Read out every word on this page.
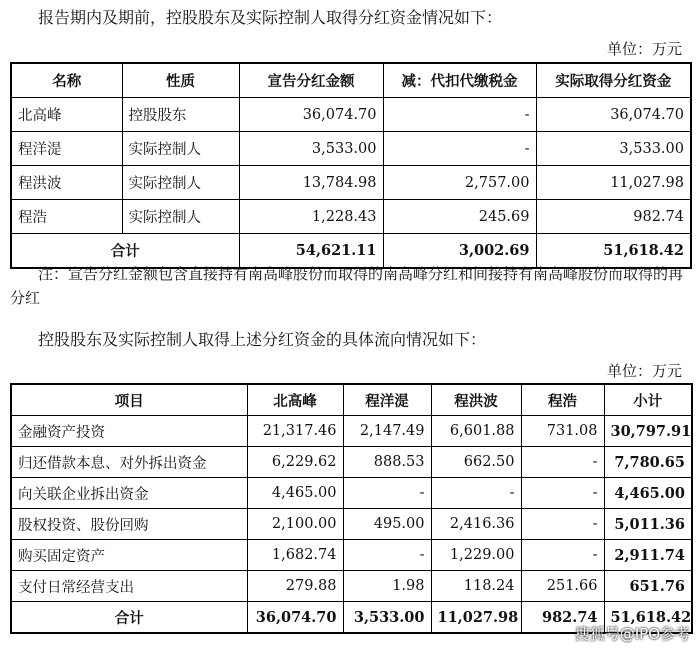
报告期内及期前，控股股东及实际控制人取得分红资金情况如下：
单位：万元
名称	性质	宣告分红金额	减：代扣代缴税金	实际取得分红资金
北高峰	控股股东	36,074.70	-	36,074.70
程洋湜	实际控制人	3,533.00	-	3,533.00
程洪波	实际控制人	13,784.98	2,757.00	11,027.98
程浩	实际控制人	1,228.43	245.69	982.74
合计		54,621.11	3,002.69	51,618.42
注：宣告分红金额包含直接持有南高峰股份而取得的南高峰分红和间接持有南高峰股份而取得的再分红
控股股东及实际控制人取得上述分红资金的具体流向情况如下：
单位：万元
项目	北高峰	程洋湜	程洪波	程浩	小计
金融资产投资	21,317.46	2,147.49	6,601.88	731.08	30,797.91
归还借款本息、对外拆出资金	6,229.62	888.53	662.50	-	7,780.65
向关联企业拆出资金	4,465.00	-	-	-	4,465.00
股权投资、股份回购	2,100.00	495.00	2,416.36	-	5,011.36
购买固定资产	1,682.74	-	1,229.00	-	2,911.74
支付日常经营支出	279.88	1.98	118.24	251.66	651.76
合计	36,074.70	3,533.00	11,027.98	982.74	51,618.42
搜狐号@IPO参考
